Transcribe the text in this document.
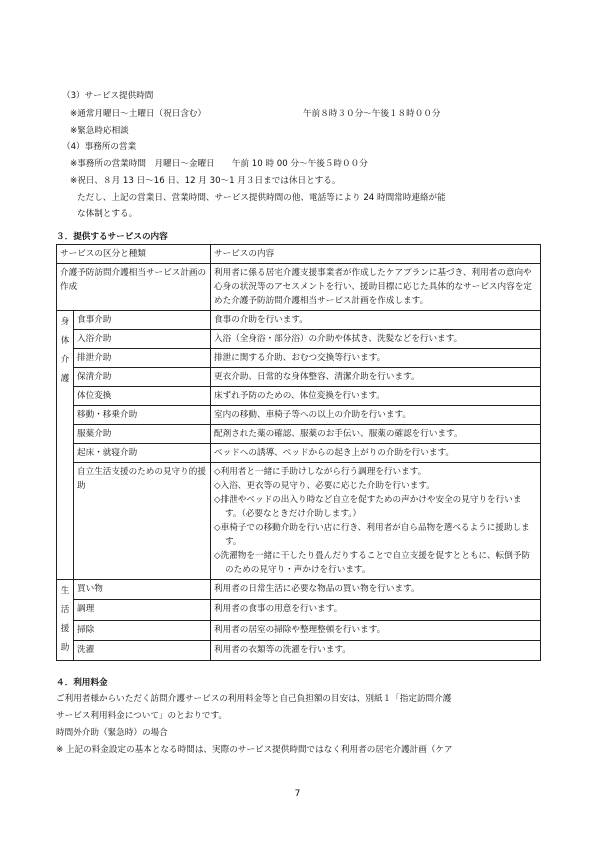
（3）サービス提供時間
※通常月曜日～土曜日（祝日含む）	午前８時３０分～午後１８時００分
※緊急時応相談
（4）事務所の営業
※事務所の営業時間　月曜日～金曜日　　午前 10 時 00 分～午後５時００分
※祝日、８月 13 日～16 日、12 月 30～1 月３日までは休日とする。
ただし、上記の営業日、営業時間、サービス提供時間の他、電話等により 24 時間常時連絡が能
な体制とする。
３．提供するサービスの内容
サービスの区分と種類		サービスの内容
介護予防訪問介護相当サービス計画の作成		利用者に係る居宅介護支援事業者が作成したケアプランに基づき、利用者の意向や心身の状況等のアセスメントを行い、援助目標に応じた具体的なサービス内容を定めた介護予防訪問介護相当サービス計画を作成します。

身体介護	食事介助	食事の介助を行います。
	入浴介助	入浴（全身浴・部分浴）の介助や体拭き、洗髪などを行います。
	排泄介助	排泄に関する介助、おむつ交換等行います。
	保清介助	更衣介助、日常的な身体整容、清潔介助を行います。
	体位変換	床ずれ予防のための、体位変換を行います。
	移動・移乗介助	室内の移動、車椅子等への以上の介助を行います。
	服薬介助	配剤された薬の確認、服薬のお手伝い、服薬の確認を行います。
	起床・就寝介助	ベッドへの誘導、ベッドからの起き上がりの介助を行います。
	自立生活支援のための見守り的援助	◇利用者と一緒に手助けしながら行う調理を行います。
◇入浴、更衣等の見守り、必要に応じた介助を行います。
◇排泄やベッドの出入り時など自立を促すための声かけや安全の見守りを行います。（必要なときだけ介助します。）
◇車椅子での移動介助を行い店に行き、利用者が自ら品物を選べるように援助します。
◇洗濯物を一緒に干したり畳んだりすることで自立支援を促すとともに、転倒予防のための見守り・声かけを行います。

生活援助	買い物	利用者の日常生活に必要な物品の買い物を行います。
	調理	利用者の食事の用意を行います。
	掃除	利用者の居室の掃除や整理整頓を行います。
	洗濯	利用者の衣類等の洗濯を行います。
４．利用料金
ご利用者様からいただく訪問介護サービスの利用料金等と自己負担額の目安は、別紙１「指定訪問介護
サービス利用料金について」のとおりです。
時間外介助（緊急時）の場合
※ 上記の料金設定の基本となる時間は、実際のサービス提供時間ではなく利用者の居宅介護計画（ケア
7
